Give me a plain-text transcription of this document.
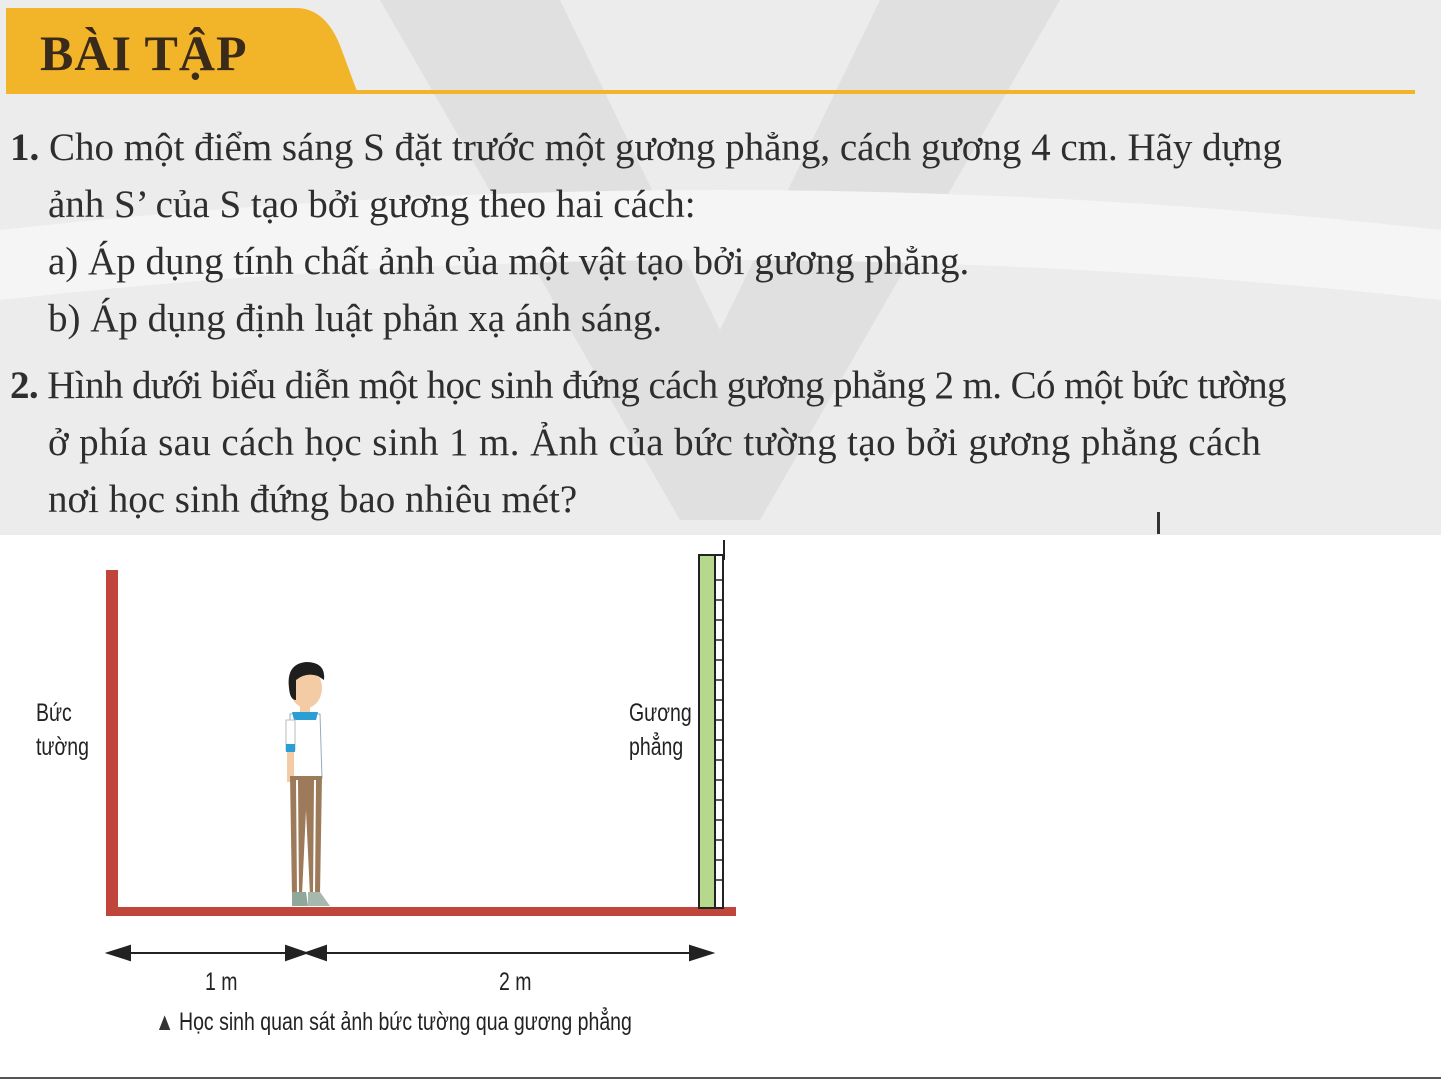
BÀI TẬP
1. Cho một điểm sáng S đặt trước một gương phẳng, cách gương 4 cm. Hãy dựng
ảnh S’ của S tạo bởi gương theo hai cách:
a) Áp dụng tính chất ảnh của một vật tạo bởi gương phẳng.
b) Áp dụng định luật phản xạ ánh sáng.
2. Hình dưới biểu diễn một học sinh đứng cách gương phẳng 2 m. Có một bức tường
ở phía sau cách học sinh 1 m. Ảnh của bức tường tạo bởi gương phẳng cách
nơi học sinh đứng bao nhiêu mét?
Bức
tường
Gương
phẳng
1 m	2 m
▲ Học sinh quan sát ảnh bức tường qua gương phẳng
